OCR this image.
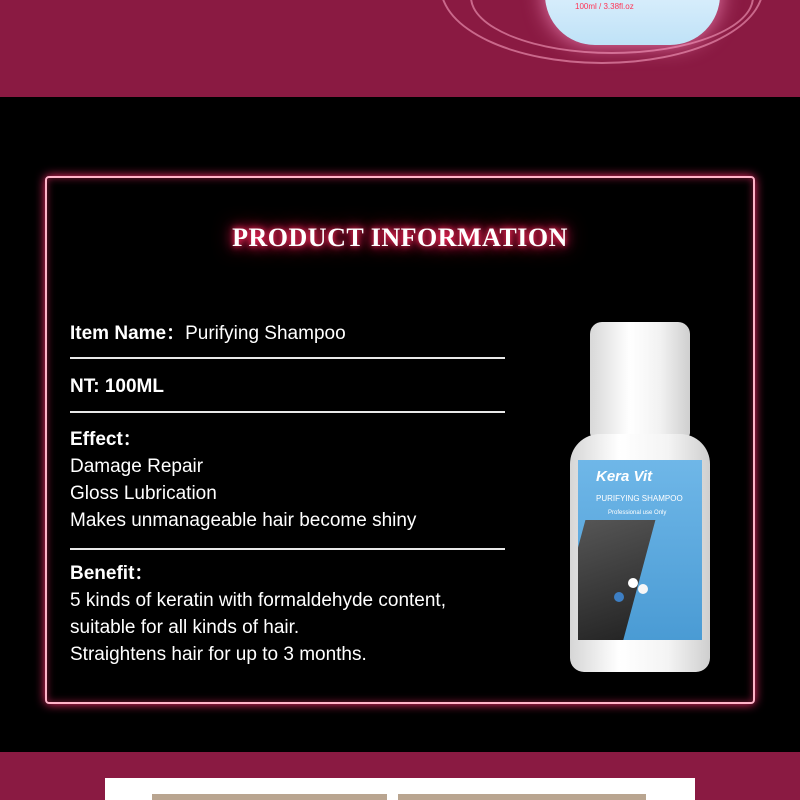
100ml / 3.38fl.oz
PRODUCT INFORMATION
Item Name：Purifying Shampoo
NT: 100ML
Effect：
Damage Repair
Gloss Lubrication
Makes unmanageable hair become shiny
Benefit：
5 kinds of keratin with formaldehyde content,
suitable for all kinds of hair.
Straightens hair for up to 3 months.
Kera Vit
PURIFYING SHAMPOO
Professional use Only
